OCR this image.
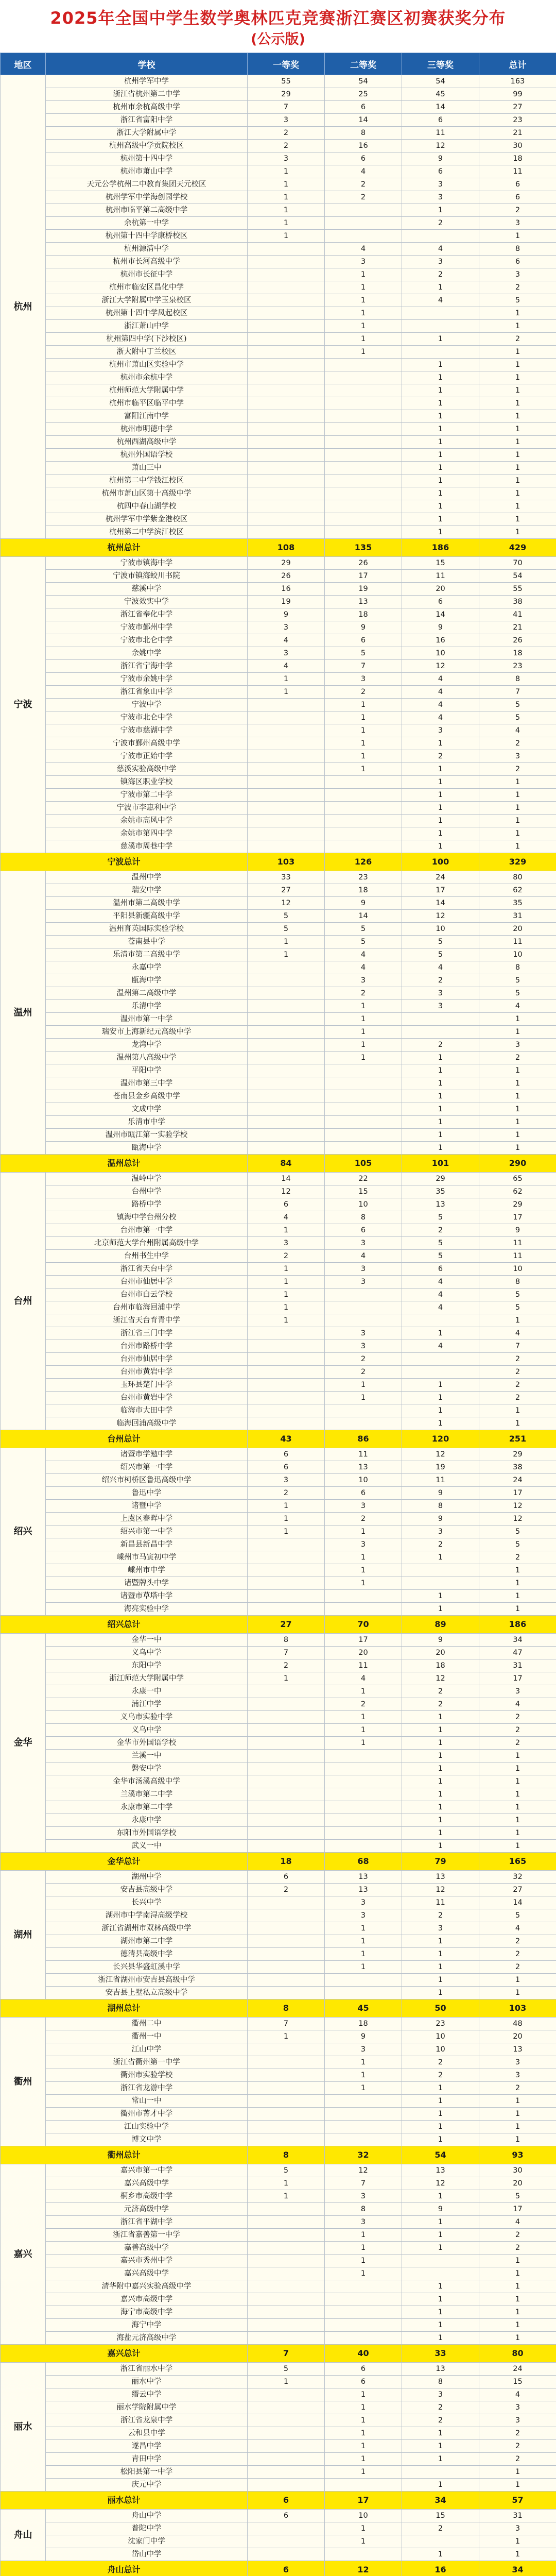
2025年全国中学生数学奥林匹克竞赛浙江赛区初赛获奖分布
(公示版)
地区	学校	一等奖	二等奖	三等奖	总计
杭州	杭州学军中学	55	54	54	163
	浙江省杭州第二中学	29	25	45	99
	杭州市余杭高级中学	7	6	14	27
	浙江省富阳中学	3	14	6	23
	浙江大学附属中学	2	8	11	21
	杭州高级中学贡院校区	2	16	12	30
	杭州第十四中学	3	6	9	18
	杭州市萧山中学	1	4	6	11
	天元公学杭州二中教育集团天元校区	1	2	3	6
	杭州学军中学海创园学校	1	2	3	6
	杭州市临平第二高级中学	1		1	2
	余杭第一中学	1		2	3
	杭州第十四中学康桥校区	1			1
	杭州源清中学		4	4	8
	杭州市长河高级中学		3	3	6
	杭州市长征中学		1	2	3
	杭州市临安区昌化中学		1	1	2
	浙江大学附属中学玉泉校区		1	4	5
	杭州第十四中学凤起校区		1		1
	浙江萧山中学		1		1
	杭州第四中学(下沙校区)		1	1	2
	浙大附中丁兰校区		1		1
	杭州市萧山区实验中学			1	1
	杭州市余杭中学			1	1
	杭州师范大学附属中学			1	1
	杭州市临平区临平中学			1	1
	富阳江南中学			1	1
	杭州市明德中学			1	1
	杭州西湖高级中学			1	1
	杭州外国语学校			1	1
	萧山三中			1	1
	杭州第二中学钱江校区			1	1
	杭州市萧山区第十高级中学			1	1
	杭四中春山湖学校			1	1
	杭州学军中学紫金港校区			1	1
	杭州第二中学滨江校区			1	1
杭州总计		108	135	186	429
宁波	宁波市镇海中学	29	26	15	70
	宁波市镇海蛟川书院	26	17	11	54
	慈溪中学	16	19	20	55
	宁波效实中学	19	13	6	38
	浙江省奉化中学	9	18	14	41
	宁波市鄞州中学	3	9	9	21
	宁波市北仑中学	4	6	16	26
	余姚中学	3	5	10	18
	浙江省宁海中学	4	7	12	23
	宁波市余姚中学	1	3	4	8
	浙江省象山中学	1	2	4	7
	宁波中学		1	4	5
	宁波市北仑中学		1	4	5
	宁波市慈湖中学		1	3	4
	宁波市鄞州高级中学		1	1	2
	宁波市正始中学		1	2	3
	慈溪实验高级中学		1	1	2
	镇海区职业学校			1	1
	宁波市第二中学			1	1
	宁波市李惠利中学			1	1
	余姚市高风中学			1	1
	余姚市第四中学			1	1
	慈溪市周巷中学			1	1
宁波总计		103	126	100	329
温州	温州中学	33	23	24	80
	瑞安中学	27	18	17	62
	温州市第二高级中学	12	9	14	35
	平阳县新疆高级中学	5	14	12	31
	温州育英国际实验学校	5	5	10	20
	苍南县中学	1	5	5	11
	乐清市第二高级中学	1	4	5	10
	永嘉中学		4	4	8
	瓯海中学		3	2	5
	温州第二高级中学		2	3	5
	乐清中学		1	3	4
	温州市第一中学		1		1
	瑞安市上海新纪元高级中学		1		1
	龙湾中学		1	2	3
	温州第八高级中学		1	1	2
	平阳中学			1	1
	温州市第三中学			1	1
	苍南县金乡高级中学			1	1
	文成中学			1	1
	乐清市中学			1	1
	温州市瓯江第一实验学校			1	1
	瓯海中学			1	1
温州总计		84	105	101	290
台州	温岭中学	14	22	29	65
	台州中学	12	15	35	62
	路桥中学	6	10	13	29
	镇海中学台州分校	4	8	5	17
	台州市第一中学	1	6	2	9
	北京师范大学台州附属高级中学	3	3	5	11
	台州书生中学	2	4	5	11
	浙江省天台中学	1	3	6	10
	台州市仙居中学	1	3	4	8
	台州市白云学校	1		4	5
	台州市临海回浦中学	1		4	5
	浙江省天台育青中学	1			1
	浙江省三门中学		3	1	4
	台州市路桥中学		3	4	7
	台州市仙居中学		2		2
	台州市黄岩中学		2		2
	玉环县楚门中学		1	1	2
	台州市黄岩中学		1	1	2
	临海市大田中学			1	1
	临海回浦高级中学			1	1
台州总计		43	86	120	251
绍兴	诸暨市学勉中学	6	11	12	29
	绍兴市第一中学	6	13	19	38
	绍兴市柯桥区鲁迅高级中学	3	10	11	24
	鲁迅中学	2	6	9	17
	诸暨中学	1	3	8	12
	上虞区春晖中学	1	2	9	12
	绍兴市第一中学	1	1	3	5
	新昌县新昌中学		3	2	5
	嵊州市马寅初中学		1	1	2
	嵊州市中学		1		1
	诸暨牌头中学		1		1
	诸暨市草塔中学			1	1
	海亮实验中学			1	1
绍兴总计		27	70	89	186
金华	金华一中	8	17	9	34
	义乌中学	7	20	20	47
	东阳中学	2	11	18	31
	浙江师范大学附属中学	1	4	12	17
	永康一中		1	2	3
	浦江中学		2	2	4
	义乌市实验中学		1	1	2
	义乌中学		1	1	2
	金华市外国语学校		1	1	2
	兰溪一中			1	1
	磐安中学			1	1
	金华市汤溪高级中学			1	1
	兰溪市第二中学			1	1
	永康市第二中学			1	1
	永康中学			1	1
	东阳市外国语学校			1	1
	武义一中			1	1
金华总计		18	68	79	165
湖州	湖州中学	6	13	13	32
	安吉县高级中学	2	13	12	27
	长兴中学		3	11	14
	湖州市中学南浔高级学校		3	2	5
	浙江省湖州市双林高级中学		1	3	4
	湖州市第二中学		1	1	2
	德清县高级中学		1	1	2
	长兴县华盛虹溪中学		1	1	2
	浙江省湖州市安吉县高级中学			1	1
	安吉县上墅私立高级中学			1	1
湖州总计		8	45	50	103
衢州	衢州二中	7	18	23	48
	衢州一中	1	9	10	20
	江山中学		3	10	13
	浙江省衢州第一中学		1	2	3
	衢州市实验学校		1	2	3
	浙江省龙游中学		1	1	2
	常山一中			1	1
	衢州市菁才中学			1	1
	江山实验中学			1	1
	博文中学			1	1
衢州总计		8	32	54	93
嘉兴	嘉兴市第一中学	5	12	13	30
	嘉兴高级中学	1	7	12	20
	桐乡市高级中学	1	3	1	5
	元济高级中学		8	9	17
	浙江省平湖中学		3	1	4
	浙江省嘉善第一中学		1	1	2
	嘉善高级中学		1	1	2
	嘉兴市秀州中学		1		1
	嘉兴高级中学		1		1
	清华附中嘉兴实验高级中学			1	1
	嘉兴市高级中学			1	1
	海宁市高级中学			1	1
	海宁中学			1	1
	海盐元济高级中学			1	1
嘉兴总计		7	40	33	80
丽水	浙江省丽水中学	5	6	13	24
	丽水中学	1	6	8	15
	缙云中学		1	3	4
	丽水学院附属中学		1	2	3
	浙江省龙泉中学		1	2	3
	云和县中学		1	1	2
	遂昌中学		1	1	2
	青田中学		1	1	2
	松阳县第一中学		1		1
	庆元中学			1	1
丽水总计		6	17	34	57
舟山	舟山中学	6	10	15	31
	普陀中学		1	2	3
	沈家门中学		1		1
	岱山中学			1	1
舟山总计		6	12	16	34
